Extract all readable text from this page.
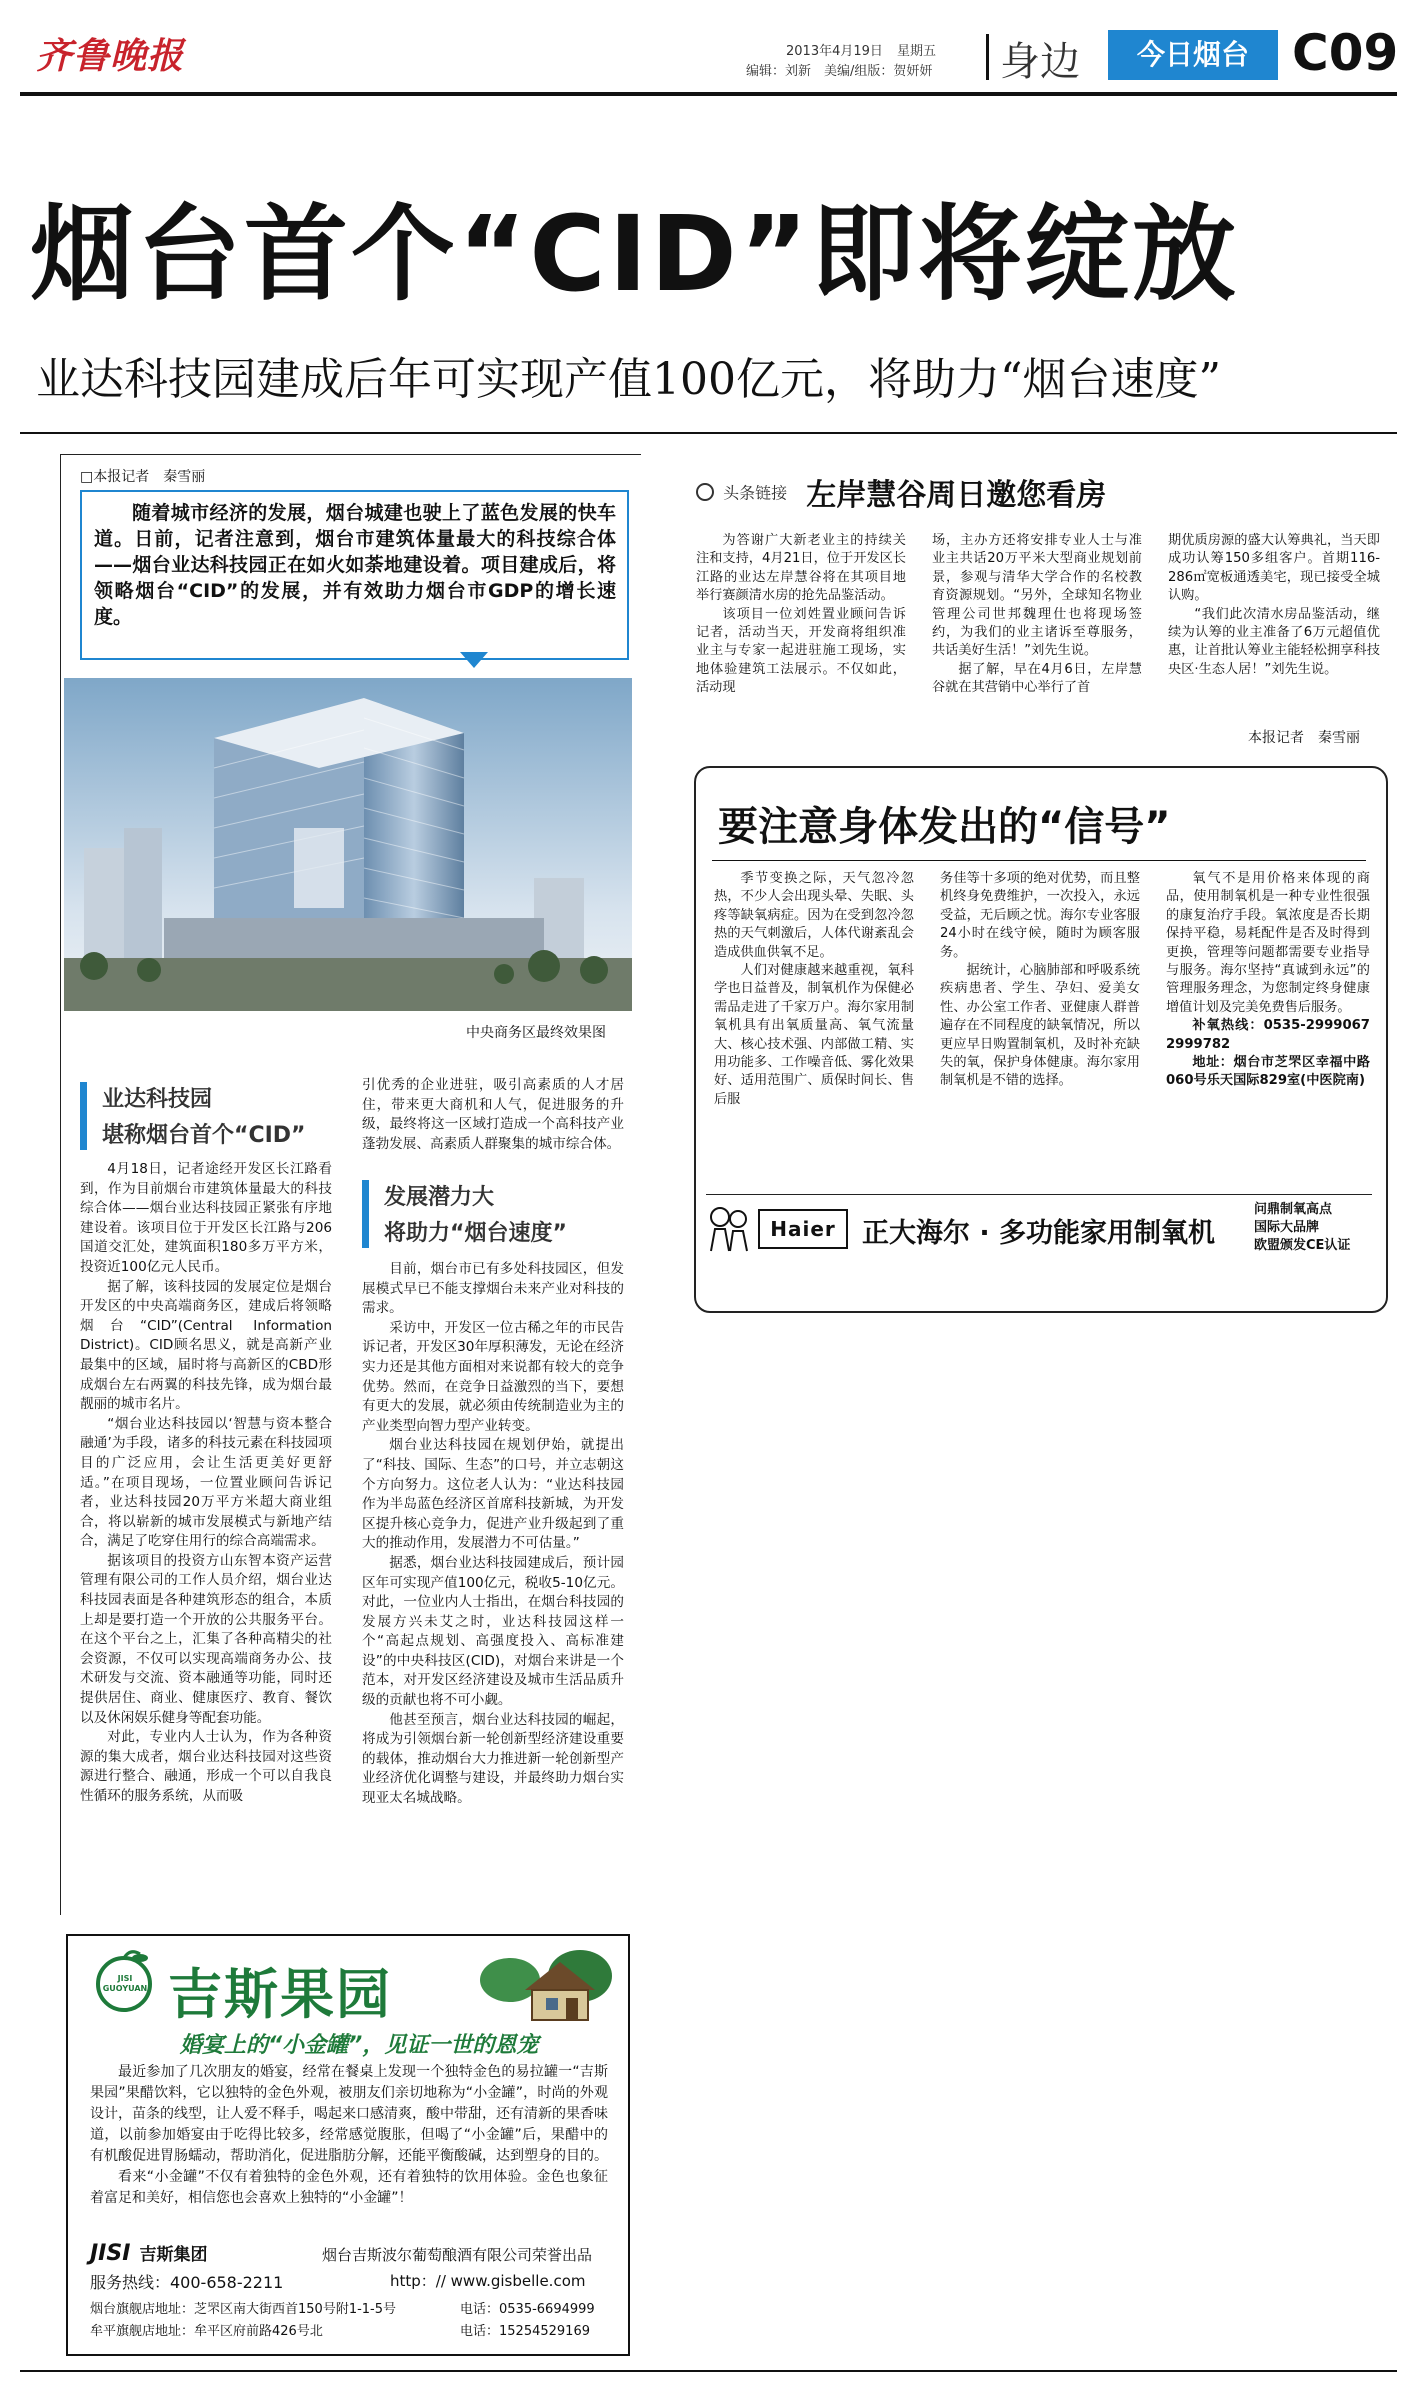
齐鲁晚报	2013年4月19日 星期五
编辑：刘新　美编/组版：贺妍妍 身边	今日烟台 C09
烟台首个“CID”即将绽放
业达科技园建成后年可实现产值100亿元，将助力“烟台速度”
□本报记者　秦雪丽

随着城市经济的发展，烟台城建也驶上了蓝色发展的快车道。日前，记者注意到，烟台市建筑体量最大的科技综合体——烟台业达科技园正在如火如荼地建设着。项目建成后，将领略烟台“CID”的发展，并有效助力烟台市GDP的增长速度。

中央商务区最终效果图
业达科技园
堪称烟台首个“CID”

4月18日，记者途经开发区长江路看到，作为目前烟台市建筑体量最大的科技综合体——烟台业达科技园正紧张有序地建设着。该项目位于开发区长江路与206国道交汇处，建筑面积180多万平方米，投资近100亿元人民币。

据了解，该科技园的发展定位是烟台开发区的中央高端商务区，建成后将领略烟台“CID”(Central Information District)。CID顾名思义，就是高新产业最集中的区域，届时将与高新区的CBD形成烟台左右两翼的科技先锋，成为烟台最靓丽的城市名片。

“烟台业达科技园以‘智慧与资本整合融通’为手段，诸多的科技元素在科技园项目的广泛应用，会让生活更美好更舒适。”在项目现场，一位置业顾问告诉记者，业达科技园20万平方米超大商业组合，将以崭新的城市发展模式与新地产结合，满足了吃穿住用行的综合高端需求。

据该项目的投资方山东智本资产运营管理有限公司的工作人员介绍，烟台业达科技园表面是各种建筑形态的组合，本质上却是要打造一个开放的公共服务平台。在这个平台之上，汇集了各种高精尖的社会资源，不仅可以实现高端商务办公、技术研发与交流、资本融通等功能，同时还提供居住、商业、健康医疗、教育、餐饮以及休闲娱乐健身等配套功能。

对此，专业内人士认为，作为各种资源的集大成者，烟台业达科技园对这些资源进行整合、融通，形成一个可以自我良性循环的服务系统，从而吸

引优秀的企业进驻，吸引高素质的人才居住，带来更大商机和人气，促进服务的升级，最终将这一区域打造成一个高科技产业蓬勃发展、高素质人群聚集的城市综合体。

发展潜力大
将助力“烟台速度”

目前，烟台市已有多处科技园区，但发展模式早已不能支撑烟台未来产业对科技的需求。

采访中，开发区一位古稀之年的市民告诉记者，开发区30年厚积薄发，无论在经济实力还是其他方面相对来说都有较大的竞争优势。然而，在竞争日益激烈的当下，要想有更大的发展，就必须由传统制造业为主的产业类型向智力型产业转变。

烟台业达科技园在规划伊始，就提出了“科技、国际、生态”的口号，并立志朝这个方向努力。这位老人认为：“业达科技园作为半岛蓝色经济区首席科技新城，为开发区提升核心竞争力，促进产业升级起到了重大的推动作用，发展潜力不可估量。”

据悉，烟台业达科技园建成后，预计园区年可实现产值100亿元，税收5-10亿元。对此，一位业内人士指出，在烟台科技园的发展方兴未艾之时，业达科技园这样一个“高起点规划、高强度投入、高标准建设”的中央科技区(CID)，对烟台来讲是一个范本，对开发区经济建设及城市生活品质升级的贡献也将不可小觑。

他甚至预言，烟台业达科技园的崛起，将成为引领烟台新一轮创新型经济建设重要的载体，推动烟台大力推进新一轮创新型产业经济优化调整与建设，并最终助力烟台实现亚太名城战略。

头条链接 左岸慧谷周日邀您看房

为答谢广大新老业主的持续关注和支持，4月21日，位于开发区长江路的业达左岸慧谷将在其项目地举行赛颜清水房的抢先品鉴活动。

该项目一位刘姓置业顾问告诉记者，活动当天，开发商将组织准业主与专家一起进驻施工现场，实地体验建筑工法展示。不仅如此，活动现

场，主办方还将安排专业人士与准业主共话20万平米大型商业规划前景，参观与清华大学合作的名校教育资源规划。“另外，全球知名物业管理公司世邦魏理仕也将现场签约，为我们的业主诸诉至尊服务，共话美好生活！”刘先生说。

据了解，早在4月6日，左岸慧谷就在其营销中心举行了首

期优质房源的盛大认筹典礼，当天即成功认筹150多组客户。首期116-286㎡宽板通透美宅，现已接受全城认购。

“我们此次清水房品鉴活动，继续为认筹的业主准备了6万元超值优惠，让首批认筹业主能轻松拥享科技央区·生态人居！”刘先生说。

本报记者　秦雪丽
要注意身体发出的“信号”

季节变换之际，天气忽冷忽热，不少人会出现头晕、失眠、头疼等缺氧病症。因为在受到忽冷忽热的天气刺激后，人体代谢紊乱会造成供血供氧不足。

人们对健康越来越重视，氧科学也日益普及，制氧机作为保健必需品走进了千家万户。海尔家用制氧机具有出氧质量高、氧气流量大、核心技术强、内部做工精、实用功能多、工作噪音低、雾化效果好、适用范围广、质保时间长、售后服

务佳等十多项的绝对优势，而且整机终身免费维护，一次投入，永远受益，无后顾之忧。海尔专业客服24小时在线守候，随时为顾客服务。

据统计，心脑肺部和呼吸系统疾病患者、学生、孕妇、爱美女性、办公室工作者、亚健康人群普遍存在不同程度的缺氧情况，所以更应早日购置制氧机，及时补充缺失的氧，保护身体健康。海尔家用制氧机是不错的选择。

氧气不是用价格来体现的商品，使用制氧机是一种专业性很强的康复治疗手段。氧浓度是否长期保持平稳，易耗配件是否及时得到更换，管理等问题都需要专业指导与服务。海尔坚持“真诚到永远”的管理服务理念，为您制定终身健康增值计划及完美免费售后服务。

补氧热线：0535-2999067 2999782

地址：烟台市芝罘区幸福中路060号乐天国际829室(中医院南)

Haier 正大海尔 · 多功能家用制氧机
问鼎制氧高点
国际大品牌
欧盟颁发CE认证
JISI GUOYUAN 吉斯果园
婚宴上的“小金罐”，见证一世的恩宠

最近参加了几次朋友的婚宴，经常在餐桌上发现一个独特金色的易拉罐一“吉斯果园”果醋饮料，它以独特的金色外观，被朋友们亲切地称为“小金罐”，时尚的外观设计，苗条的线型，让人爱不释手，喝起来口感清爽，酸中带甜，还有清新的果香味道，以前参加婚宴由于吃得比较多，经常感觉腹胀，但喝了“小金罐”后，果醋中的有机酸促进胃肠蠕动，帮助消化，促进脂肪分解，还能平衡酸碱，达到塑身的目的。

看来“小金罐”不仅有着独特的金色外观，还有着独特的饮用体验。金色也象征着富足和美好，相信您也会喜欢上独特的“小金罐”！

JISI 吉斯集团	烟台吉斯波尔葡萄酿酒有限公司荣誉出品
服务热线：400-658-2211	http：// www.gisbelle.com
烟台旗舰店地址：芝罘区南大街西首150号附1-1-5号	电话：0535-6694999
牟平旗舰店地址：牟平区府前路426号北	电话：15254529169
